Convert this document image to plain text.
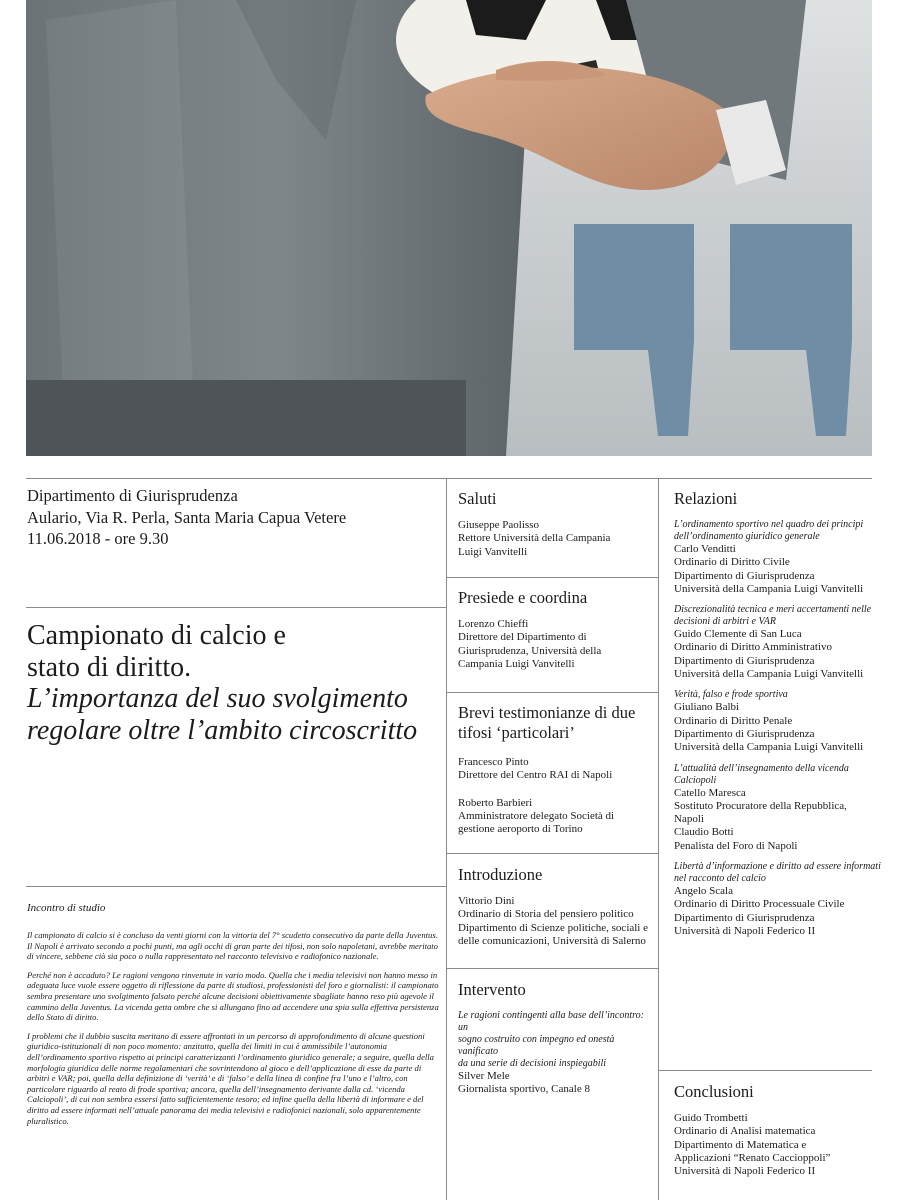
Dipartimento di Giurisprudenza
Aulario, Via R. Perla, Santa Maria Capua Vetere
11.06.2018 - ore 9.30
Campionato di calcio e
stato di diritto.
L’importanza del suo svolgimento
regolare oltre l’ambito circoscritto
Incontro di studio

Il campionato di calcio si è concluso da venti giorni con la vittoria del 7° scudetto consecutivo da parte della Juventus. Il Napoli è arrivato secondo a pochi punti, ma agli occhi di gran parte dei tifosi, non solo napoletani, avrebbe meritato di vincere, sebbene ciò sia poco o nulla rappresentato nel racconto televisivo e radiofonico nazionale.

Perché non è accaduto? Le ragioni vengono rinvenute in vario modo. Quella che i media televisivi non hanno messo in adeguata luce vuole essere oggetto di riflessione da parte di studiosi, professionisti del foro e giornalisti: il campionato sembra presentare uno svolgimento falsato perché alcune decisioni obiettivamente sbagliate hanno reso più agevole il cammino della Juventus. La vicenda getta ombre che si allungano fino ad accendere una spia sulla effettiva persistenza dello Stato di diritto.

I problemi che il dubbio suscita meritano di essere affrontati in un percorso di approfondimento di alcune questioni giuridico-istituzionali di non poco momento: anzitutto, quella dei limiti in cui è ammissibile l’autonomia dell’ordinamento sportivo rispetto ai principi caratterizzanti l’ordinamento giuridico generale; a seguire, quella della morfologia giuridica delle norme regolamentari che sovrintendono al gioco e dell’applicazione di esse da parte di arbitri e VAR; poi, quella della definizione di ‘verità’ e di ‘falso’ e della linea di confine fra l’uno e l’altro, con particolare riguardo al reato di frode sportiva; ancora, quella dell’insegnamento derivante dalla cd. ‘vicenda Calciopoli’, di cui non sembra essersi fatto sufficientemente tesoro; ed infine quella della libertà di informare e del diritto ad essere informati nell’attuale panorama dei media televisivi e radiofonici nazionali, solo apparentemente pluralistico.

Saluti
Giuseppe Paolisso
Rettore Università della Campania
Luigi Vanvitelli
Presiede e coordina
Lorenzo Chieffi
Direttore del Dipartimento di
Giurisprudenza, Università della
Campania Luigi Vanvitelli
Brevi testimonianze di due
tifosi ‘particolari’
Francesco Pinto
Direttore del Centro RAI di Napoli
Roberto Barbieri
Amministratore delegato Società di
gestione aeroporto di Torino
Introduzione
Vittorio Dini
Ordinario di Storia del pensiero politico
Dipartimento di Scienze politiche, sociali e
delle comunicazioni, Università di Salerno
Intervento
Le ragioni contingenti alla base dell’incontro: un
sogno costruito con impegno ed onestà vanificato
da una serie di decisioni inspiegabili
Silver Mele
Giornalista sportivo, Canale 8
Relazioni
L’ordinamento sportivo nel quadro dei principi
dell’ordinamento giuridico generale
Carlo Venditti
Ordinario di Diritto Civile
Dipartimento di Giurisprudenza
Università della Campania Luigi Vanvitelli
Discrezionalità tecnica e meri accertamenti nelle
decisioni di arbitri e VAR
Guido Clemente di San Luca
Ordinario di Diritto Amministrativo
Dipartimento di Giurisprudenza
Università della Campania Luigi Vanvitelli
Verità, falso e frode sportiva
Giuliano Balbi
Ordinario di Diritto Penale
Dipartimento di Giurisprudenza
Università della Campania Luigi Vanvitelli
L’attualità dell’insegnamento della vicenda
Calciopoli
Catello Maresca
Sostituto Procuratore della Repubblica,
Napoli
Claudio Botti
Penalista del Foro di Napoli
Libertà d’informazione e diritto ad essere informati
nel racconto del calcio
Angelo Scala
Ordinario di Diritto Processuale Civile
Dipartimento di Giurisprudenza
Università di Napoli Federico II
Conclusioni
Guido Trombetti
Ordinario di Analisi matematica
Dipartimento di Matematica e
Applicazioni “Renato Caccioppoli”
Università di Napoli Federico II
